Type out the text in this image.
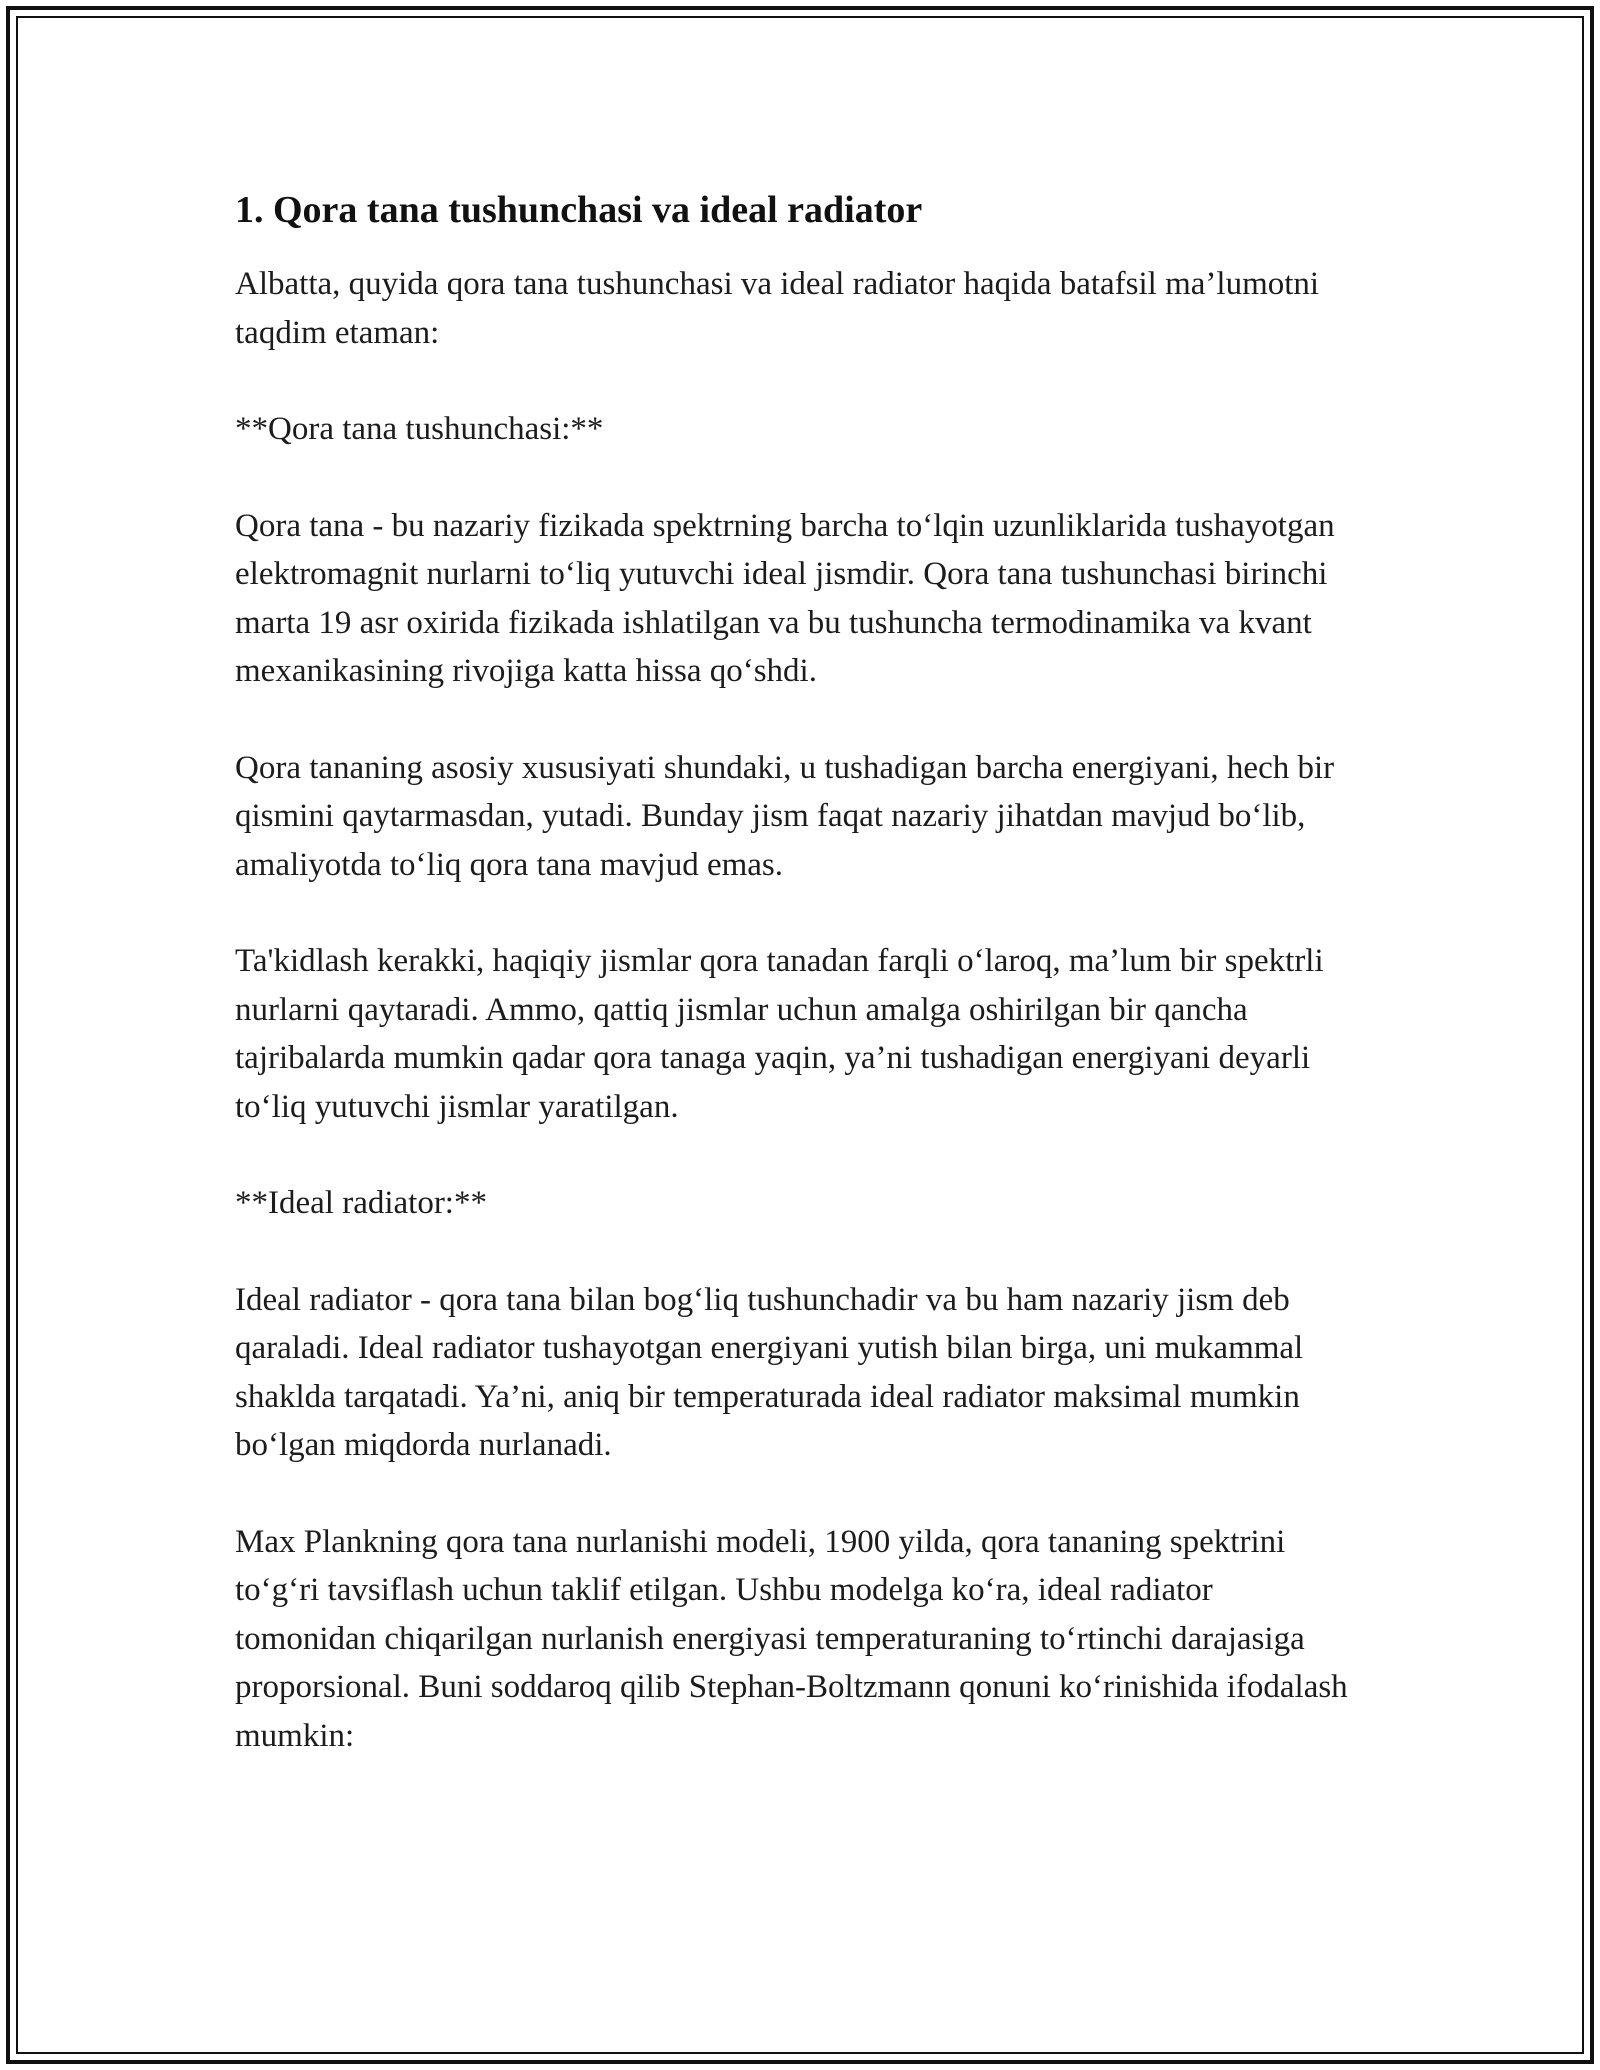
1. Qora tana tushunchasi va ideal radiator

Albatta, quyida qora tana tushunchasi va ideal radiator haqida batafsil ma’lumotni taqdim etaman:

**Qora tana tushunchasi:**

Qora tana - bu nazariy fizikada spektrning barcha to‘lqin uzunliklarida tushayotgan elektromagnit nurlarni to‘liq yutuvchi ideal jismdir. Qora tana tushunchasi birinchi marta 19 asr oxirida fizikada ishlatilgan va bu tushuncha termodinamika va kvant mexanikasining rivojiga katta hissa qo‘shdi.

Qora tananing asosiy xususiyati shundaki, u tushadigan barcha energiyani, hech bir qismini qaytarmasdan, yutadi. Bunday jism faqat nazariy jihatdan mavjud bo‘lib, amaliyotda to‘liq qora tana mavjud emas.

Ta'kidlash kerakki, haqiqiy jismlar qora tanadan farqli o‘laroq, ma’lum bir spektrli nurlarni qaytaradi. Ammo, qattiq jismlar uchun amalga oshirilgan bir qancha tajribalarda mumkin qadar qora tanaga yaqin, ya’ni tushadigan energiyani deyarli to‘liq yutuvchi jismlar yaratilgan.

**Ideal radiator:**

Ideal radiator - qora tana bilan bog‘liq tushunchadir va bu ham nazariy jism deb qaraladi. Ideal radiator tushayotgan energiyani yutish bilan birga, uni mukammal shaklda tarqatadi. Ya’ni, aniq bir temperaturada ideal radiator maksimal mumkin bo‘lgan miqdorda nurlanadi.

Max Plankning qora tana nurlanishi modeli, 1900 yilda, qora tananing spektrini to‘g‘ri tavsiflash uchun taklif etilgan. Ushbu modelga ko‘ra, ideal radiator tomonidan chiqarilgan nurlanish energiyasi temperaturaning to‘rtinchi darajasiga proporsional. Buni soddaroq qilib Stephan-Boltzmann qonuni ko‘rinishida ifodalash mumkin:
